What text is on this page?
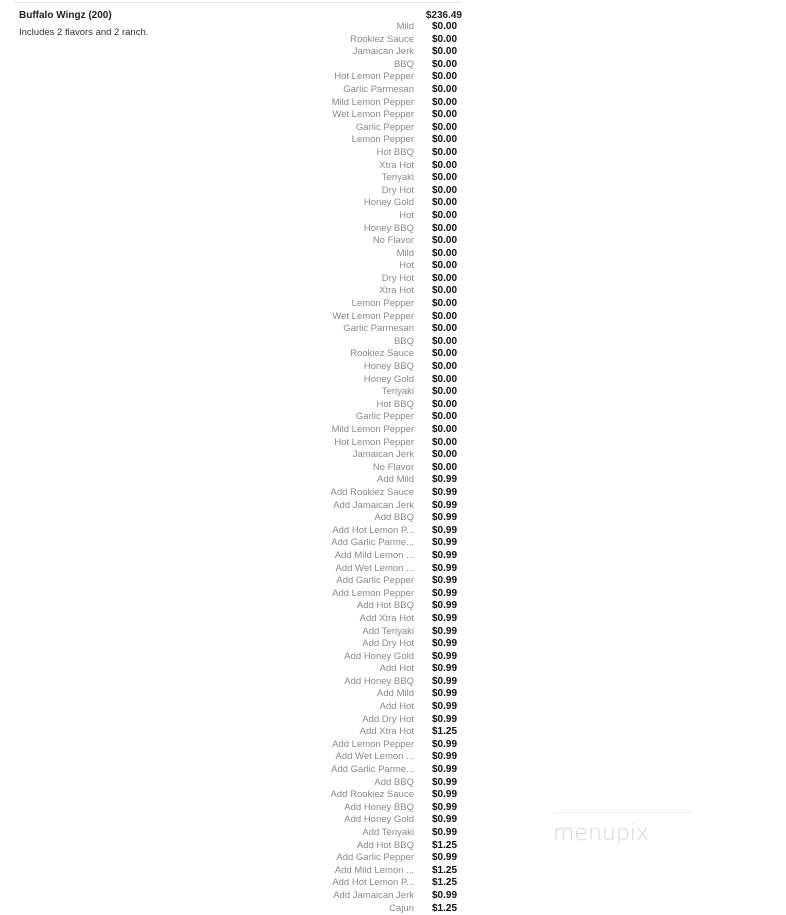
Buffalo Wingz (200)	$236.49
Includes 2 flavors and 2 ranch.
Mild $0.00
Rookiez Sauce $0.00
Jamaican Jerk $0.00
BBQ $0.00
Hot Lemon Pepper $0.00
Garlic Parmesan $0.00
Mild Lemon Pepper $0.00
Wet Lemon Pepper $0.00
Garlic Pepper $0.00
Lemon Pepper $0.00
Hot BBQ $0.00
Xtra Hot $0.00
Teriyaki $0.00
Dry Hot $0.00
Honey Gold $0.00
Hot $0.00
Honey BBQ $0.00
No Flavor $0.00
Mild $0.00
Hot $0.00
Dry Hot $0.00
Xtra Hot $0.00
Lemon Pepper $0.00
Wet Lemon Pepper $0.00
Garlic Parmesan $0.00
BBQ $0.00
Rookiez Sauce $0.00
Honey BBQ $0.00
Honey Gold $0.00
Teriyaki $0.00
Hot BBQ $0.00
Garlic Pepper $0.00
Mild Lemon Pepper $0.00
Hot Lemon Pepper $0.00
Jamaican Jerk $0.00
No Flavor $0.00
Add Mild $0.99
Add Rookiez Sauce $0.99
Add Jamaican Jerk $0.99
Add BBQ $0.99
Add Hot Lemon P... $0.99
Add Garlic Parme... $0.99
Add Mild Lemon ... $0.99
Add Wet Lemon ... $0.99
Add Garlic Pepper $0.99
Add Lemon Pepper $0.99
Add Hot BBQ $0.99
Add Xtra Hot $0.99
Add Teriyaki $0.99
Add Dry Hot $0.99
Add Honey Gold $0.99
Add Hot $0.99
Add Honey BBQ $0.99
Add Mild $0.99
Add Hot $0.99
Add Dry Hot $0.99
Add Xtra Hot $1.25
Add Lemon Pepper $0.99
Add Wet Lemon ... $0.99
Add Garlic Parme... $0.99
Add BBQ $0.99
Add Rookiez Sauce $0.99
Add Honey BBQ $0.99
Add Honey Gold $0.99
Add Teriyaki $0.99
Add Hot BBQ $1.25
Add Garlic Pepper $0.99
Add Mild Lemon ... $1.25
Add Hot Lemon P... $1.25
Add Jamaican Jerk $0.99
Cajun $1.25
menupix
